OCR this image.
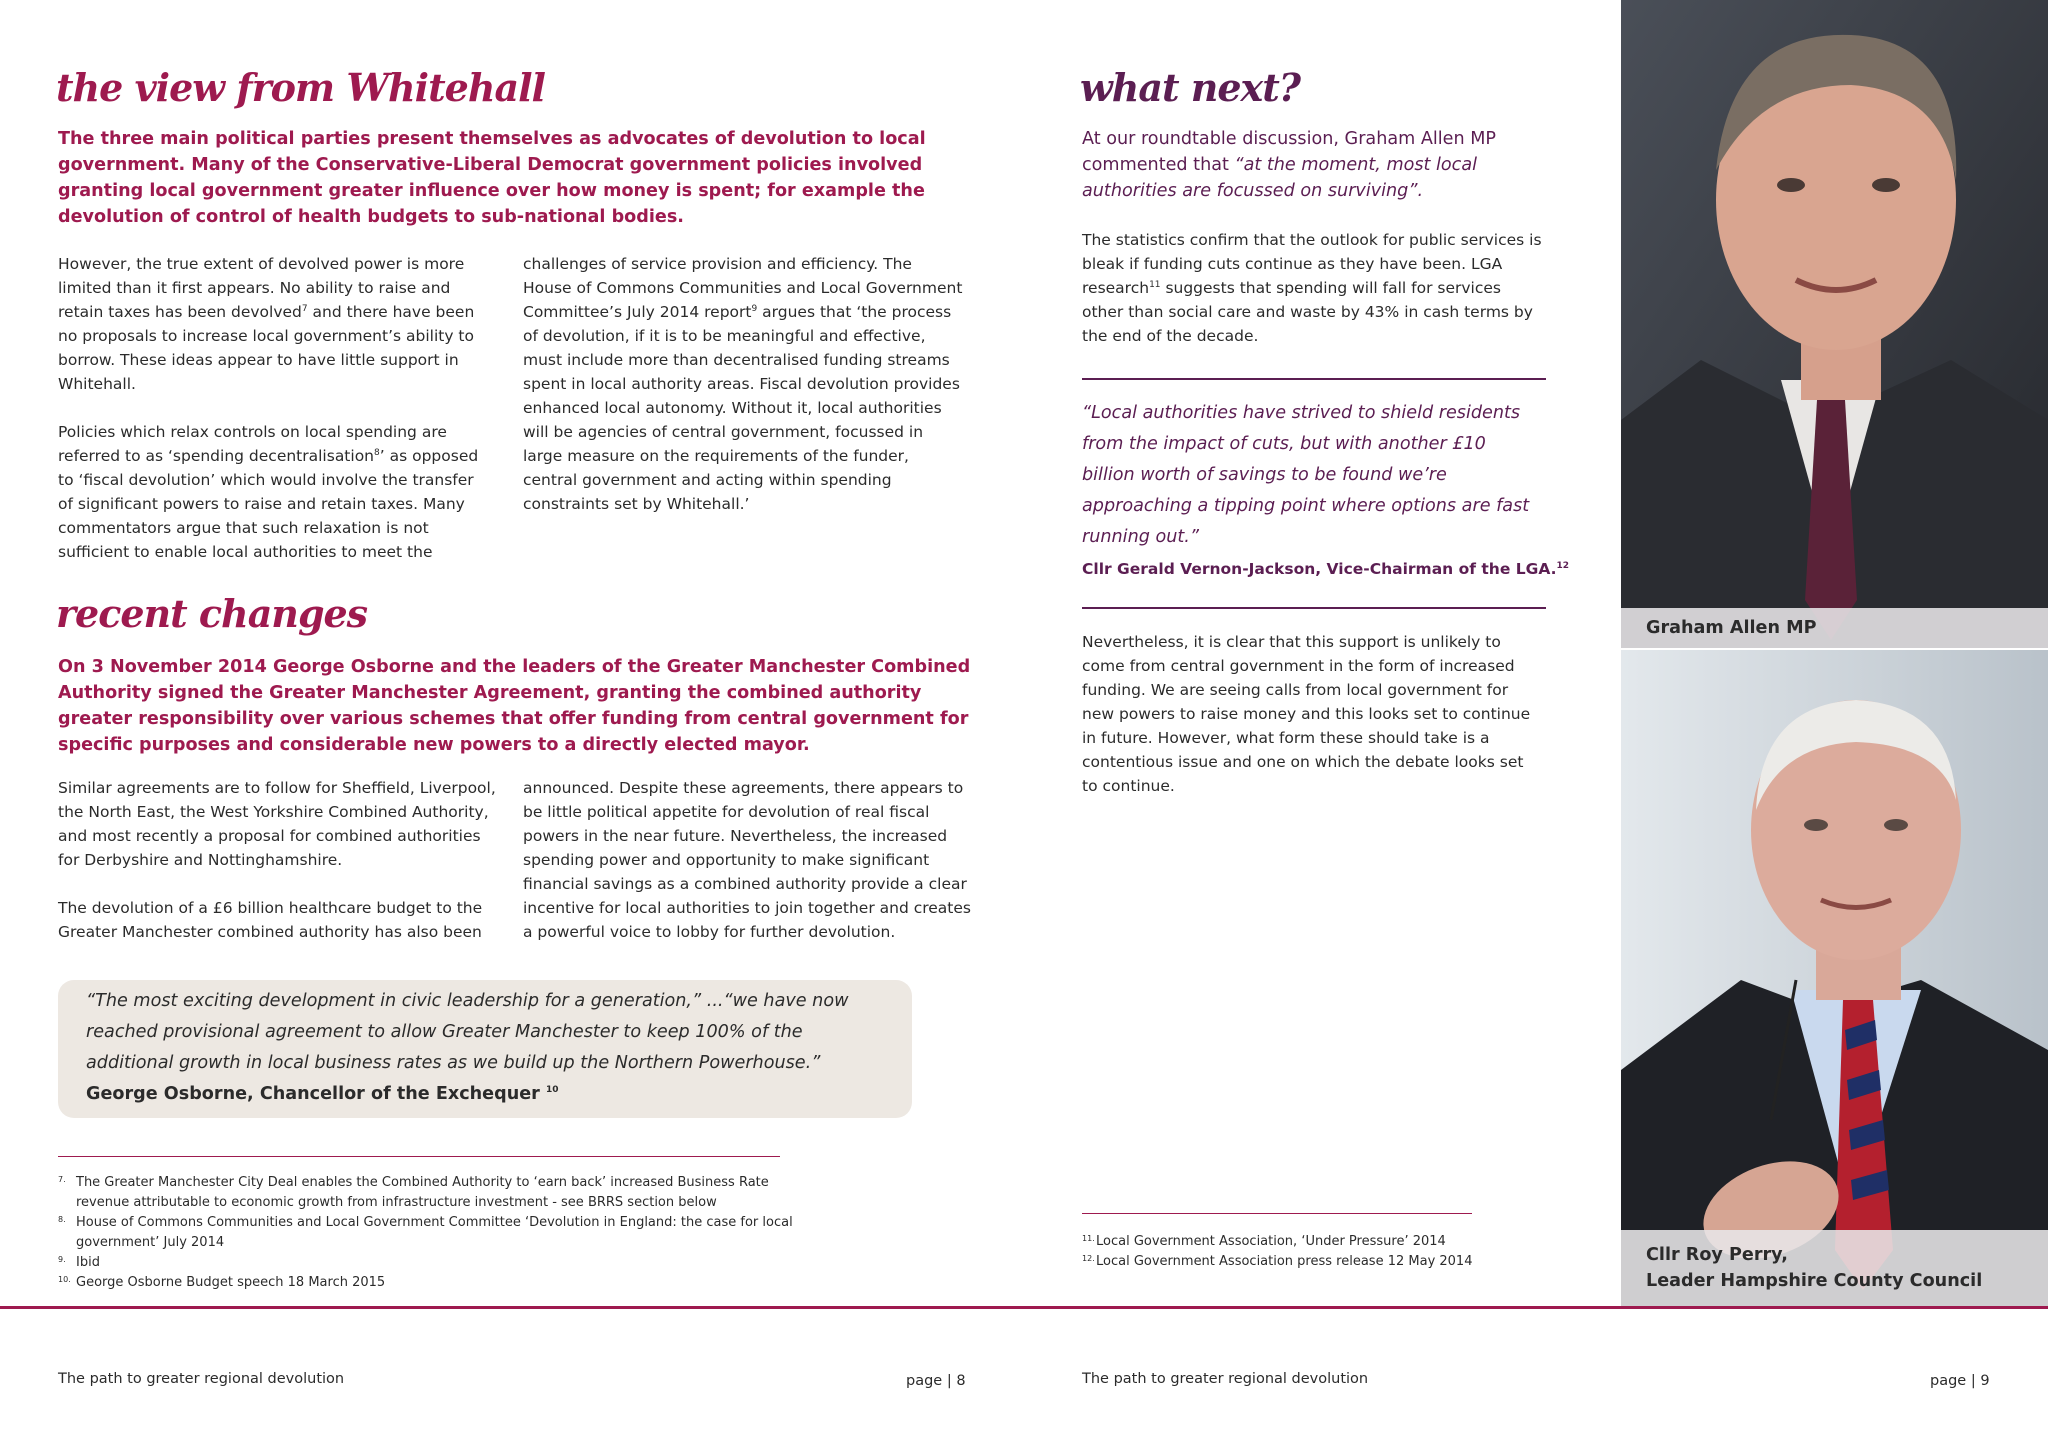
the view from Whitehall
The three main political parties present themselves as advocates of devolution to local government. Many of the Conservative-Liberal Democrat government policies involved granting local government greater influence over how money is spent; for example the devolution of control of health budgets to sub-national bodies.

However, the true extent of devolved power is more limited than it first appears. No ability to raise and retain taxes has been devolved$^7$ and there have been no proposals to increase local government’s ability to borrow. These ideas appear to have little support in Whitehall.

Policies which relax controls on local spending are referred to as ‘spending decentralisation$^8$’ as opposed to ‘fiscal devolution’ which would involve the transfer of significant powers to raise and retain taxes. Many commentators argue that such relaxation is not sufficient to enable local authorities to meet the

challenges of service provision and efficiency. The House of Commons Communities and Local Government Committee’s July 2014 report$^9$ argues that ‘the process of devolution, if it is to be meaningful and effective, must include more than decentralised funding streams spent in local authority areas. Fiscal devolution provides enhanced local autonomy. Without it, local authorities will be agencies of central government, focussed in large measure on the requirements of the funder, central government and acting within spending constraints set by Whitehall.’

recent changes
On 3 November 2014 George Osborne and the leaders of the Greater Manchester Combined Authority signed the Greater Manchester Agreement, granting the combined authority greater responsibility over various schemes that offer funding from central government for specific purposes and considerable new powers to a directly elected mayor.

Similar agreements are to follow for Sheffield, Liverpool, the North East, the West Yorkshire Combined Authority, and most recently a proposal for combined authorities for Derbyshire and Nottinghamshire.

The devolution of a £6 billion healthcare budget to the Greater Manchester combined authority has also been

announced. Despite these agreements, there appears to be little political appetite for devolution of real fiscal powers in the near future. Nevertheless, the increased spending power and opportunity to make significant financial savings as a combined authority provide a clear incentive for local authorities to join together and creates a powerful voice to lobby for further devolution.

“The most exciting development in civic leadership for a generation,” ...“we have now reached provisional agreement to allow Greater Manchester to keep 100% of the additional growth in local business rates as we build up the Northern Powerhouse.”
George Osborne, Chancellor of the Exchequer $^{10}$
7. The Greater Manchester City Deal enables the Combined Authority to ‘earn back’ increased Business Rate revenue attributable to economic growth from infrastructure investment - see BRRS section below
8. House of Commons Communities and Local Government Committee ‘Devolution in England: the case for local government’ July 2014
9. Ibid
10. George Osborne Budget speech 18 March 2015
what next?
At our roundtable discussion, Graham Allen MP commented that “at the moment, most local authorities are focussed on surviving”.
The statistics confirm that the outlook for public services is bleak if funding cuts continue as they have been. LGA research$^{11}$ suggests that spending will fall for services other than social care and waste by 43% in cash terms by the end of the decade.
“Local authorities have strived to shield residents from the impact of cuts, but with another £10 billion worth of savings to be found we’re approaching a tipping point where options are fast running out.”
Cllr Gerald Vernon-Jackson, Vice-Chairman of the LGA.$^{12}$
Nevertheless, it is clear that this support is unlikely to come from central government in the form of increased funding. We are seeing calls from local government for new powers to raise money and this looks set to continue in future. However, what form these should take is a contentious issue and one on which the debate looks set to continue.
11. Local Government Association, ‘Under Pressure’ 2014
12. Local Government Association press release 12 May 2014
Graham Allen MP
Cllr Roy Perry,
Leader Hampshire County Council
The path to greater regional devolution	page | 8	The path to greater regional devolution	page | 9
